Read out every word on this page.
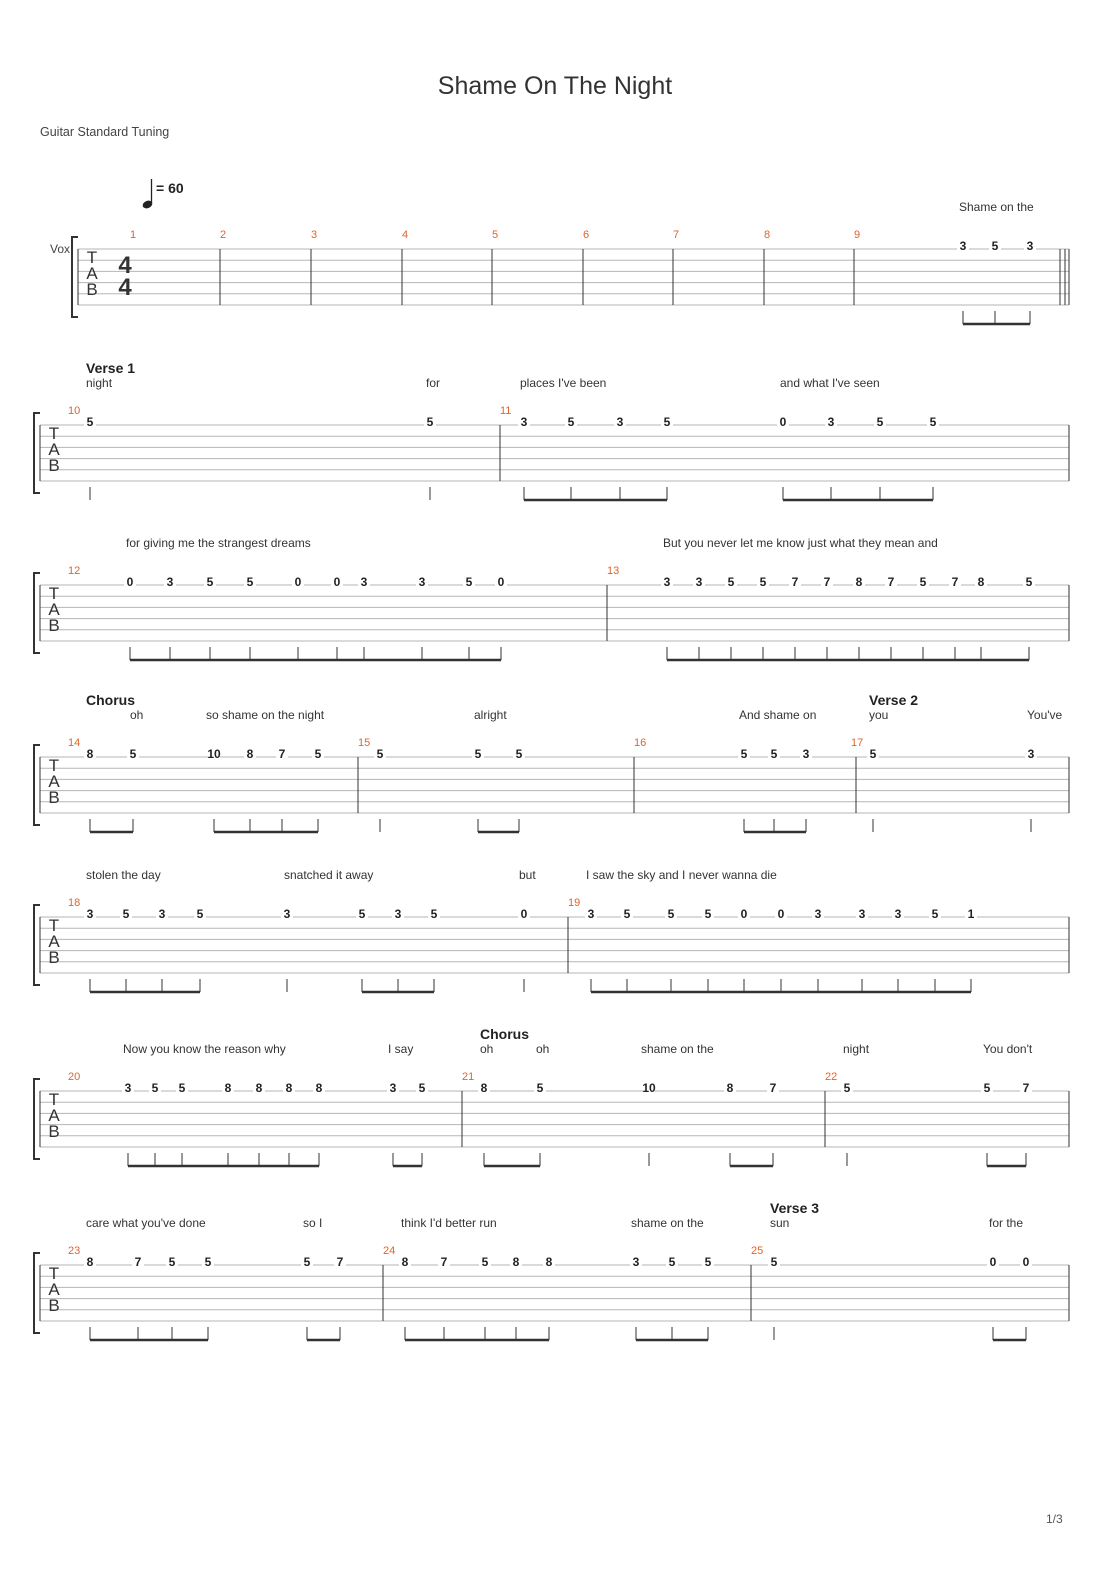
Shame On The Night
Guitar Standard Tuning
= 60
Vox T
A
B
4
4
1	2	3	4	5	6	7	8	9
Shame on the
3 5 3
T
A
B
10	11
Verse 1
night	for	places I've been	and what I've seen
5	5	3	5	3	5	0	3	5	5
T
A
B
12	13
for giving me the strangest dreams	But you never let me know just what they mean and
0	3	5	5	0	0 3	3	5 0	3 3 5 5 7 7 8 7 5 7 8	5
T
A
B
14	15	16	17
Chorus	Verse 2
oh	so shame on the night	alright	And shame on	you	You've
8	5	10 8 7 5	5	5	5	5 5 3	5	3
T
A
B
18	19
stolen the day	snatched it away	but	I saw the sky and I never wanna die
3 5 3	5	3	5 3 5	0	3 5	5	5 0	0	3	3 3	5 1
T
A
B
20	21	22
Chorus
Now you know the reason why	I say	oh	oh	shame on the	night	You don't
3 5 5	8 8 8 8	3 5	8	5	10	8	7	5	5	7
T
A
B
23	24	25
Verse 3
care what you've done	so I	think I'd better run	shame on the	sun	for the
8	7 5 5	5 7	8	7	5 8 8	3 5 5	5	0 0
1/3
